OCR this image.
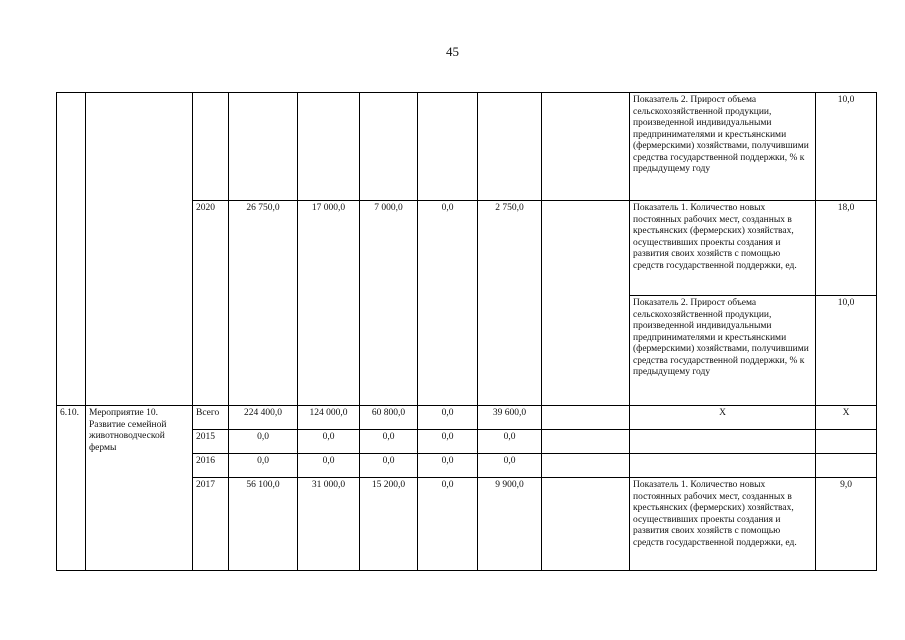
45
									Показатель 2. Прирост объема сельскохозяйственной продукции, произведенной индивидуальными предпринимателями и крестьянскими (фермерскими) хозяйствами, получившими средства государственной поддержки, % к предыдущему году	10,0
		2020	26 750,0	17 000,0	7 000,0	0,0	2 750,0		Показатель 1. Количество новых постоянных рабочих мест, созданных в крестьянских (фермерских) хозяйствах, осуществивших проекты создания и развития своих хозяйств с помощью средств государственной поддержки, ед.	18,0
									Показатель 2. Прирост объема сельскохозяйственной продукции, произведенной индивидуальными предпринимателями и крестьянскими (фермерскими) хозяйствами, получившими средства государственной поддержки, % к предыдущему году	10,0
6.10.	Мероприятие 10. Развитие семейной животноводческой фермы	Всего	224 400,0	124 000,0	60 800,0	0,0	39 600,0		X	X
		2015	0,0	0,0	0,0	0,0	0,0			
		2016	0,0	0,0	0,0	0,0	0,0			
		2017	56 100,0	31 000,0	15 200,0	0,0	9 900,0		Показатель 1. Количество новых постоянных рабочих мест, созданных в крестьянских (фермерских) хозяйствах, осуществивших проекты создания и развития своих хозяйств с помощью средств государственной поддержки, ед.	9,0
